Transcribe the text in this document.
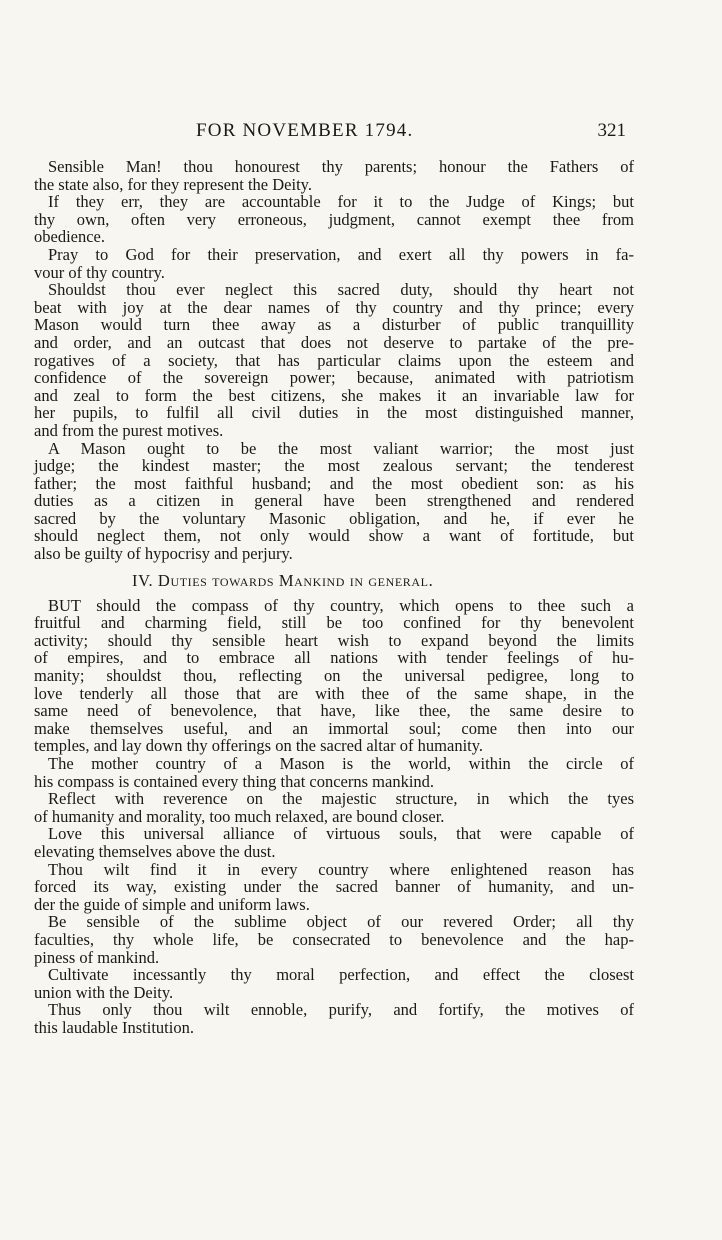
FOR NOVEMBER 1794.	321
Sensible Man! thou honourest thy parents; honour the Fathers of
the state also, for they represent the Deity.
If they err, they are accountable for it to the Judge of Kings; but
thy own, often very erroneous, judgment, cannot exempt thee from
obedience.
Pray to God for their preservation, and exert all thy powers in fa-
vour of thy country.
Shouldst thou ever neglect this sacred duty, should thy heart not
beat with joy at the dear names of thy country and thy prince; every
Mason would turn thee away as a disturber of public tranquillity
and order, and an outcast that does not deserve to partake of the pre-
rogatives of a society, that has particular claims upon the esteem and
confidence of the sovereign power; because, animated with patriotism
and zeal to form the best citizens, she makes it an invariable law for
her pupils, to fulfil all civil duties in the most distinguished manner,
and from the purest motives.
A Mason ought to be the most valiant warrior; the most just
judge; the kindest master; the most zealous servant; the tenderest
father; the most faithful husband; and the most obedient son: as his
duties as a citizen in general have been strengthened and rendered
sacred by the voluntary Masonic obligation, and he, if ever he
should neglect them, not only would show a want of fortitude, but
also be guilty of hypocrisy and perjury.
IV. Duties towards Mankind in general.
BUT should the compass of thy country, which opens to thee such a
fruitful and charming field, still be too confined for thy benevolent
activity; should thy sensible heart wish to expand beyond the limits
of empires, and to embrace all nations with tender feelings of hu-
manity; shouldst thou, reflecting on the universal pedigree, long to
love tenderly all those that are with thee of the same shape, in the
same need of benevolence, that have, like thee, the same desire to
make themselves useful, and an immortal soul; come then into our
temples, and lay down thy offerings on the sacred altar of humanity.
The mother country of a Mason is the world, within the circle of
his compass is contained every thing that concerns mankind.
Reflect with reverence on the majestic structure, in which the tyes
of humanity and morality, too much relaxed, are bound closer.
Love this universal alliance of virtuous souls, that were capable of
elevating themselves above the dust.
Thou wilt find it in every country where enlightened reason has
forced its way, existing under the sacred banner of humanity, and un-
der the guide of simple and uniform laws.
Be sensible of the sublime object of our revered Order; all thy
faculties, thy whole life, be consecrated to benevolence and the hap-
piness of mankind.
Cultivate incessantly thy moral perfection, and effect the closest
union with the Deity.
Thus only thou wilt ennoble, purify, and fortify, the motives of
this laudable Institution.
